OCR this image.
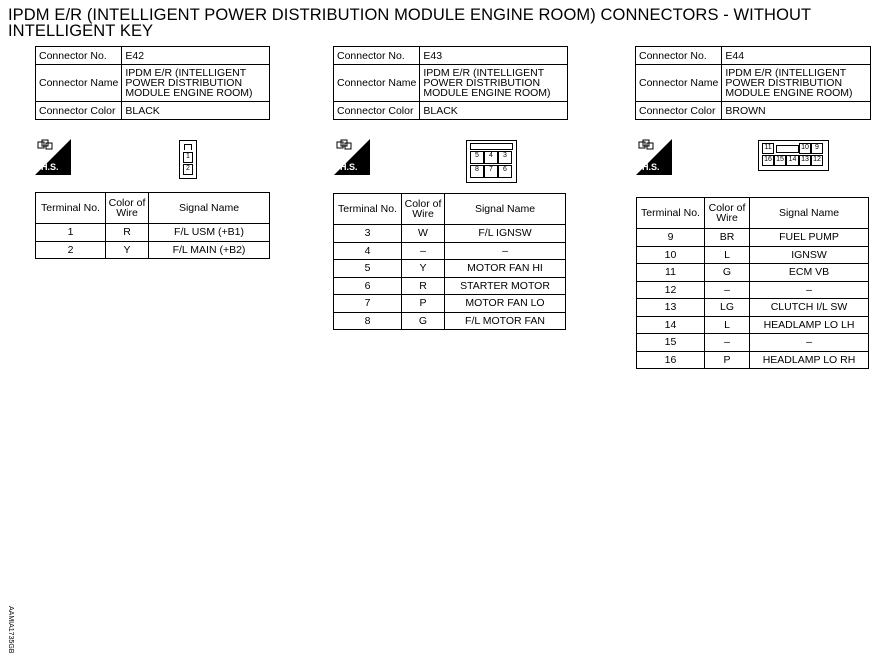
IPDM E/R (INTELLIGENT POWER DISTRIBUTION MODULE ENGINE ROOM) CONNECTORS - WITHOUT INTELLIGENT KEY
Connector No.	E42
Connector Name	IPDM E/R (INTELLIGENT POWER DISTRIBUTION MODULE ENGINE ROOM)
Connector Color	BLACK
H.S.
1
2
Terminal No.	Color of Wire	Signal Name
1	R	F/L USM (+B1)
2	Y	F/L MAIN (+B2)
Connector No.	E43
Connector Name	IPDM E/R (INTELLIGENT POWER DISTRIBUTION MODULE ENGINE ROOM)
Connector Color	BLACK
H.S.
5	4	3
8	7	6
Terminal No.	Color of Wire	Signal Name
3	W	F/L IGNSW
4	–	–
5	Y	MOTOR FAN HI
6	R	STARTER MOTOR
7	P	MOTOR FAN LO
8	G	F/L MOTOR FAN
Connector No.	E44
Connector Name	IPDM E/R (INTELLIGENT POWER DISTRIBUTION MODULE ENGINE ROOM)
Connector Color	BROWN
H.S.
11	10 9
16 15 14 13 12
Terminal No.	Color of Wire	Signal Name
9	BR	FUEL PUMP
10	L	IGNSW
11	G	ECM VB
12	–	–
13	LG	CLUTCH I/L SW
14	L	HEADLAMP LO LH
15	–	–
16	P	HEADLAMP LO RH
AAMIA1735GB
